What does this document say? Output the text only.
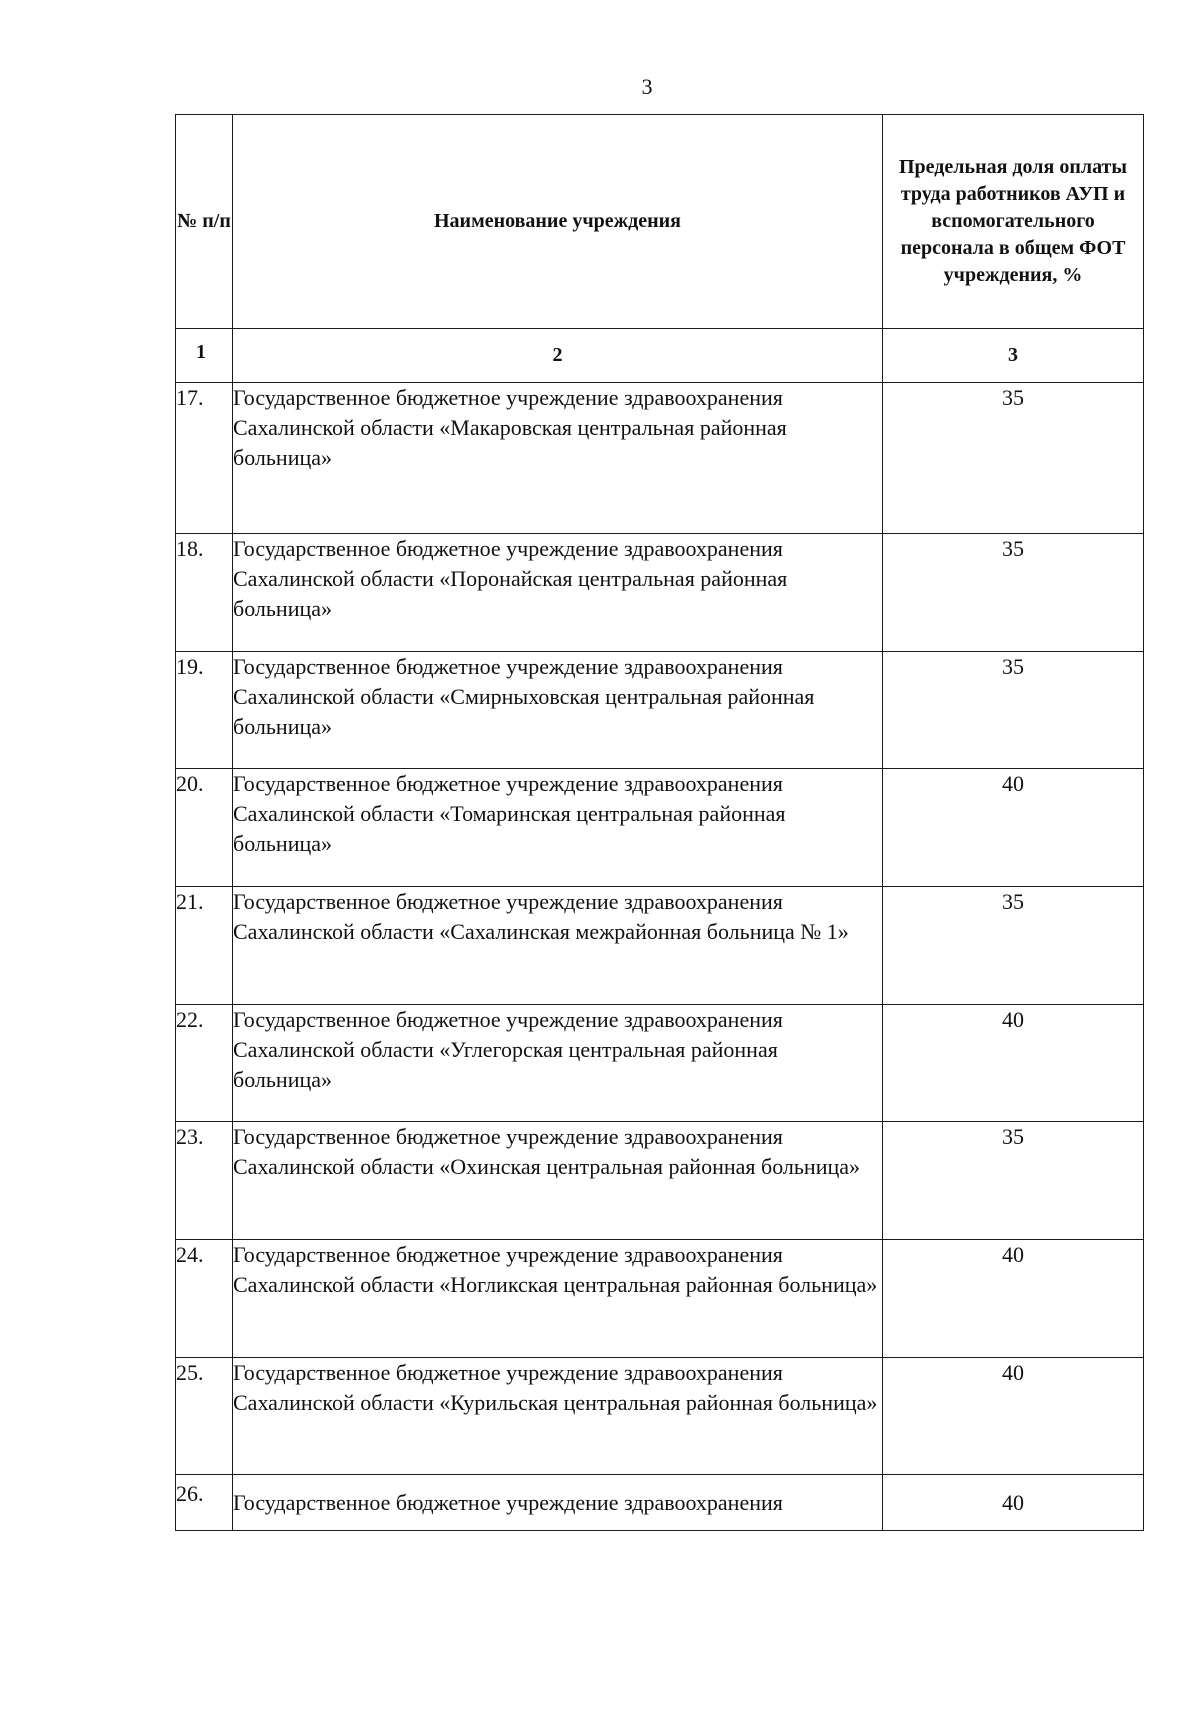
3
№ п/п	Наименование учреждения	Предельная доля оплаты труда работников АУП и вспомогательного персонала в общем ФОТ учреждения, %
1	2	3
17.	Государственное бюджетное учреждение здравоохранения Сахалинской области «Макаровская центральная районная больница»	35
18.	Государственное бюджетное учреждение здравоохранения Сахалинской области «Поронайская центральная районная больница»	35
19.	Государственное бюджетное учреждение здравоохранения Сахалинской области «Смирныховская центральная районная больница»	35
20.	Государственное бюджетное учреждение здравоохранения Сахалинской области «Томаринская центральная районная больница»	40
21.	Государственное бюджетное учреждение здравоохранения Сахалинской области «Сахалинская межрайонная больница № 1»	35
22.	Государственное бюджетное учреждение здравоохранения Сахалинской области «Углегорская центральная районная больница»	40
23.	Государственное бюджетное учреждение здравоохранения Сахалинской области «Охинская центральная районная больница»	35
24.	Государственное бюджетное учреждение здравоохранения Сахалинской области «Ногликская центральная районная больница»	40
25.	Государственное бюджетное учреждение здравоохранения Сахалинской области «Курильская центральная районная больница»	40
26.	Государственное бюджетное учреждение здравоохранения	40
